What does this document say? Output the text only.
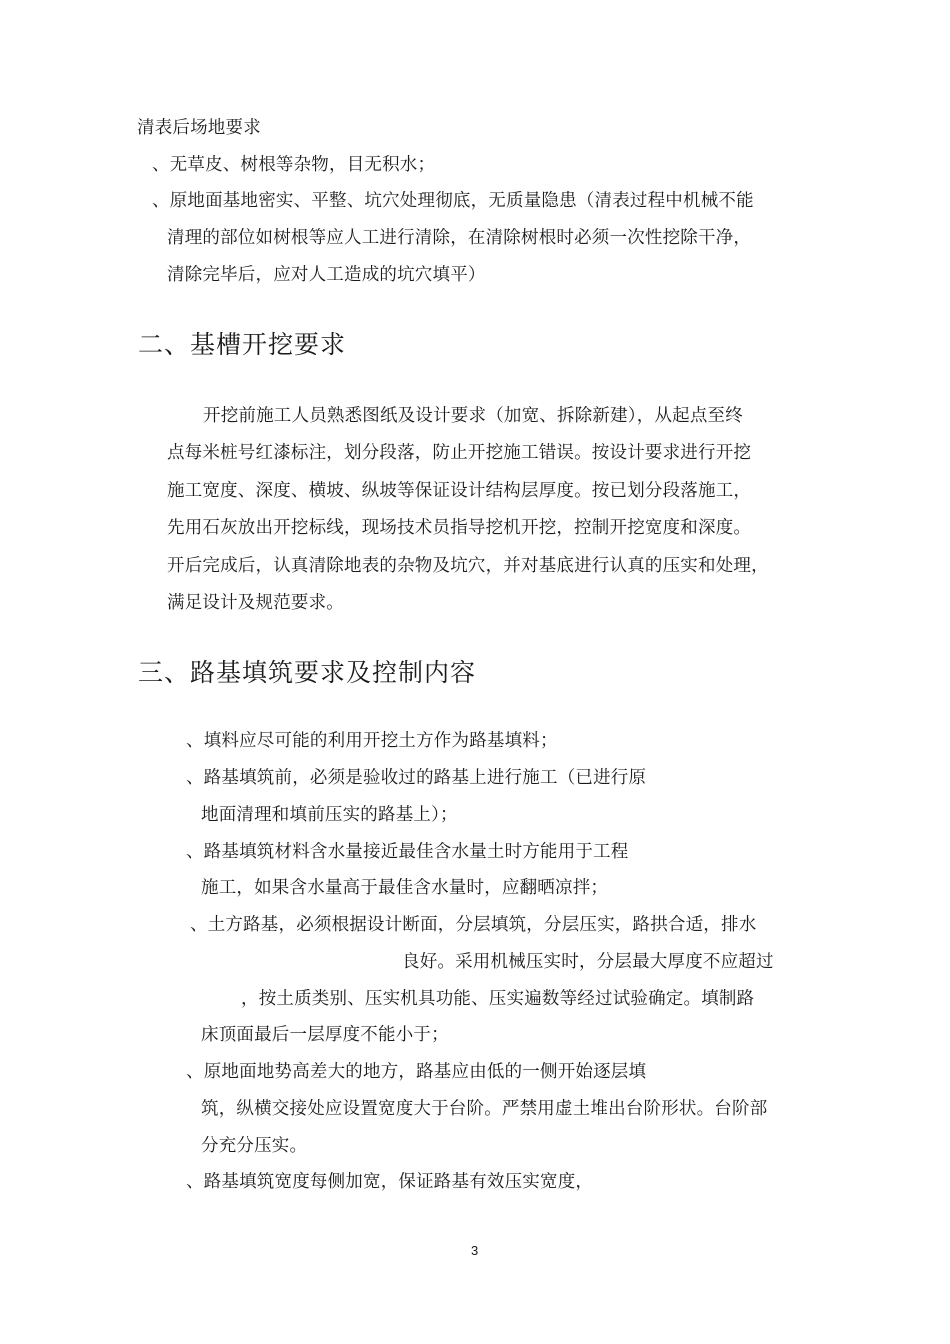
清表后场地要求
、无草皮、树根等杂物，目无积水；
、原地面基地密实、平整、坑穴处理彻底，无质量隐患（清表过程中机械不能
清理的部位如树根等应人工进行清除，在清除树根时必须一次性挖除干净，
清除完毕后，应对人工造成的坑穴填平）
二、基槽开挖要求
开挖前施工人员熟悉图纸及设计要求（加宽、拆除新建），从起点至终
点每米桩号红漆标注，划分段落，防止开挖施工错误。按设计要求进行开挖
施工宽度、深度、横坡、纵坡等保证设计结构层厚度。按已划分段落施工，
先用石灰放出开挖标线，现场技术员指导挖机开挖，控制开挖宽度和深度。
开后完成后，认真清除地表的杂物及坑穴，并对基底进行认真的压实和处理，
满足设计及规范要求。
三、路基填筑要求及控制内容
、填料应尽可能的利用开挖土方作为路基填料；
、路基填筑前，必须是验收过的路基上进行施工（已进行原
地面清理和填前压实的路基上）；
、路基填筑材料含水量接近最佳含水量土时方能用于工程
施工，如果含水量高于最佳含水量时，应翻晒凉拌；
、土方路基，必须根据设计断面，分层填筑，分层压实，路拱合适，排水
良好。采用机械压实时，分层最大厚度不应超过
，按土质类别、压实机具功能、压实遍数等经过试验确定。填制路
床顶面最后一层厚度不能小于；
、原地面地势高差大的地方，路基应由低的一侧开始逐层填
筑，纵横交接处应设置宽度大于台阶。严禁用虚土堆出台阶形状。台阶部
分充分压实。
、路基填筑宽度每侧加宽，保证路基有效压实宽度，
3
